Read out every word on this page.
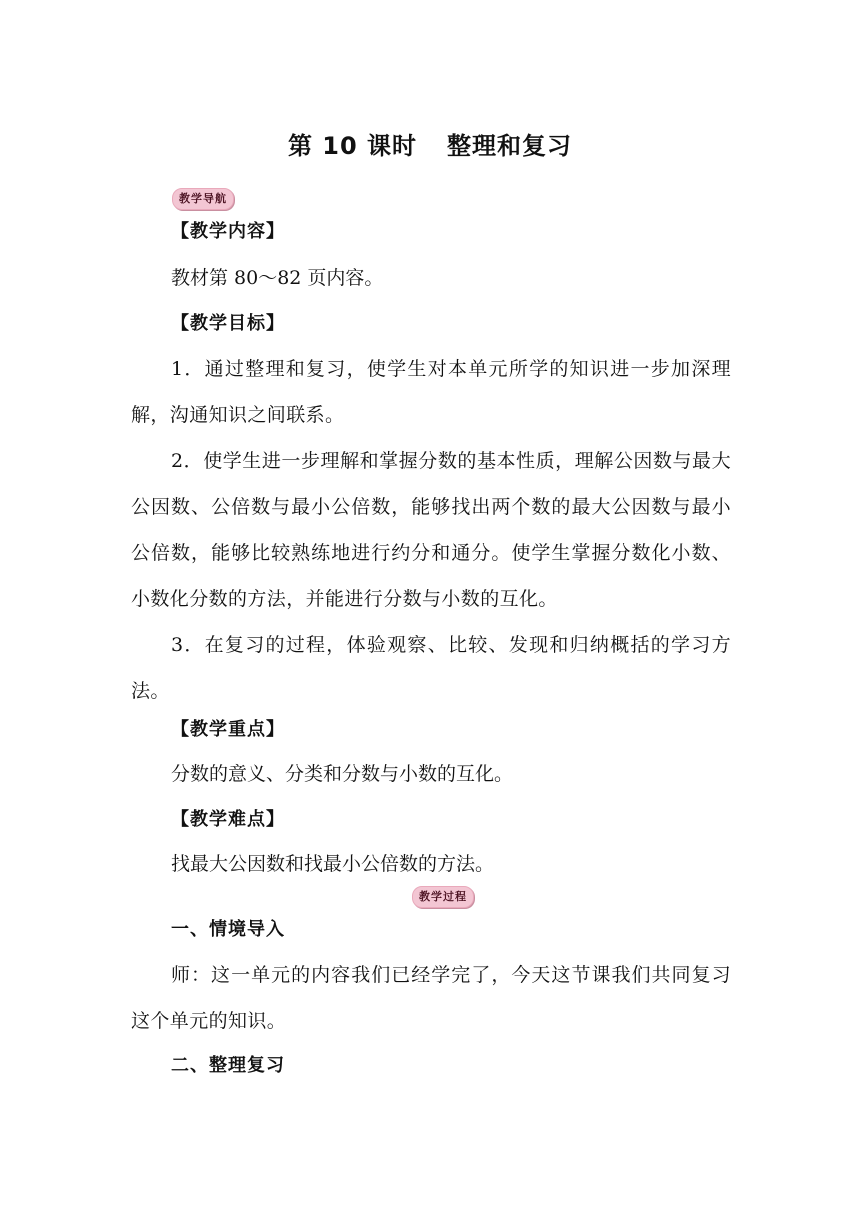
第 10 课时 整理和复习
教学导航
【教学内容】
教材第 80～82 页内容。
【教学目标】
1．通过整理和复习，使学生对本单元所学的知识进一步加深理解，沟通知识之间联系。
2．使学生进一步理解和掌握分数的基本性质，理解公因数与最大公因数、公倍数与最小公倍数，能够找出两个数的最大公因数与最小公倍数，能够比较熟练地进行约分和通分。使学生掌握分数化小数、小数化分数的方法，并能进行分数与小数的互化。
3．在复习的过程，体验观察、比较、发现和归纳概括的学习方法。
【教学重点】
分数的意义、分类和分数与小数的互化。
【教学难点】
找最大公因数和找最小公倍数的方法。
教学过程
一、情境导入
师：这一单元的内容我们已经学完了，今天这节课我们共同复习这个单元的知识。
二、整理复习
